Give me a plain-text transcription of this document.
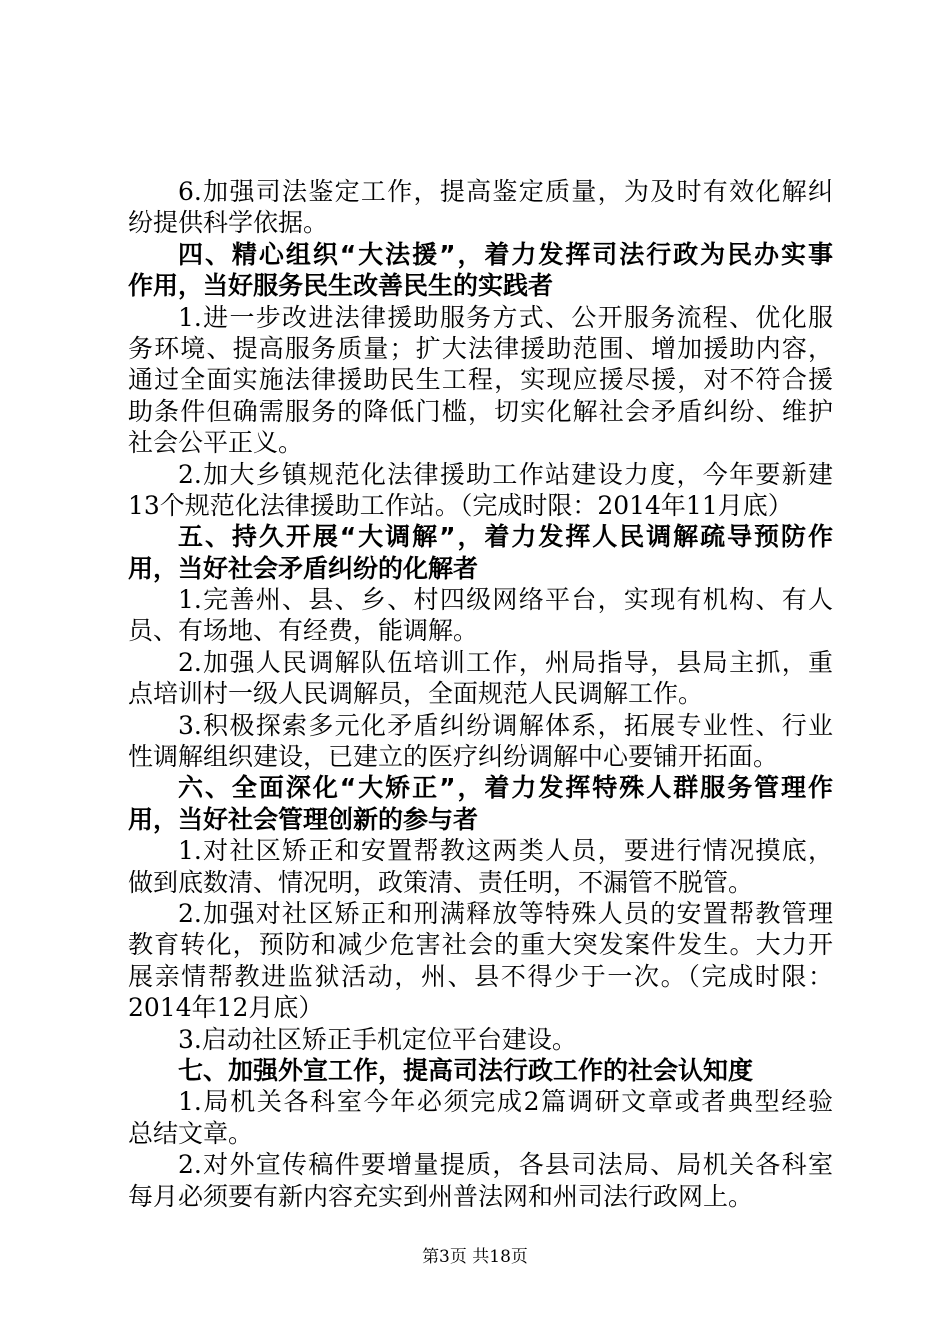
6.加强司法鉴定工作，提高鉴定质量，为及时有效化解纠
纷提供科学依据。
四、精心组织“大法援”，着力发挥司法行政为民办实事
作用，当好服务民生改善民生的实践者
1.进一步改进法律援助服务方式、公开服务流程、优化服
务环境、提高服务质量；扩大法律援助范围、增加援助内容，
通过全面实施法律援助民生工程，实现应援尽援，对不符合援
助条件但确需服务的降低门槛，切实化解社会矛盾纠纷、维护
社会公平正义。
2.加大乡镇规范化法律援助工作站建设力度，今年要新建
13个规范化法律援助工作站。（完成时限：2014年11月底）
五、持久开展“大调解”，着力发挥人民调解疏导预防作
用，当好社会矛盾纠纷的化解者
1.完善州、县、乡、村四级网络平台，实现有机构、有人
员、有场地、有经费，能调解。
2.加强人民调解队伍培训工作，州局指导，县局主抓，重
点培训村一级人民调解员，全面规范人民调解工作。
3.积极探索多元化矛盾纠纷调解体系，拓展专业性、行业
性调解组织建设，已建立的医疗纠纷调解中心要铺开拓面。
六、全面深化“大矫正”，着力发挥特殊人群服务管理作
用，当好社会管理创新的参与者
1.对社区矫正和安置帮教这两类人员，要进行情况摸底，
做到底数清、情况明，政策清、责任明，不漏管不脱管。
2.加强对社区矫正和刑满释放等特殊人员的安置帮教管理
教育转化，预防和减少危害社会的重大突发案件发生。大力开
展亲情帮教进监狱活动，州、县不得少于一次。（完成时限：
2014年12月底）
3.启动社区矫正手机定位平台建设。
七、加强外宣工作，提高司法行政工作的社会认知度
1.局机关各科室今年必须完成2篇调研文章或者典型经验
总结文章。
2.对外宣传稿件要增量提质，各县司法局、局机关各科室
每月必须要有新内容充实到州普法网和州司法行政网上。
第3页 共18页
